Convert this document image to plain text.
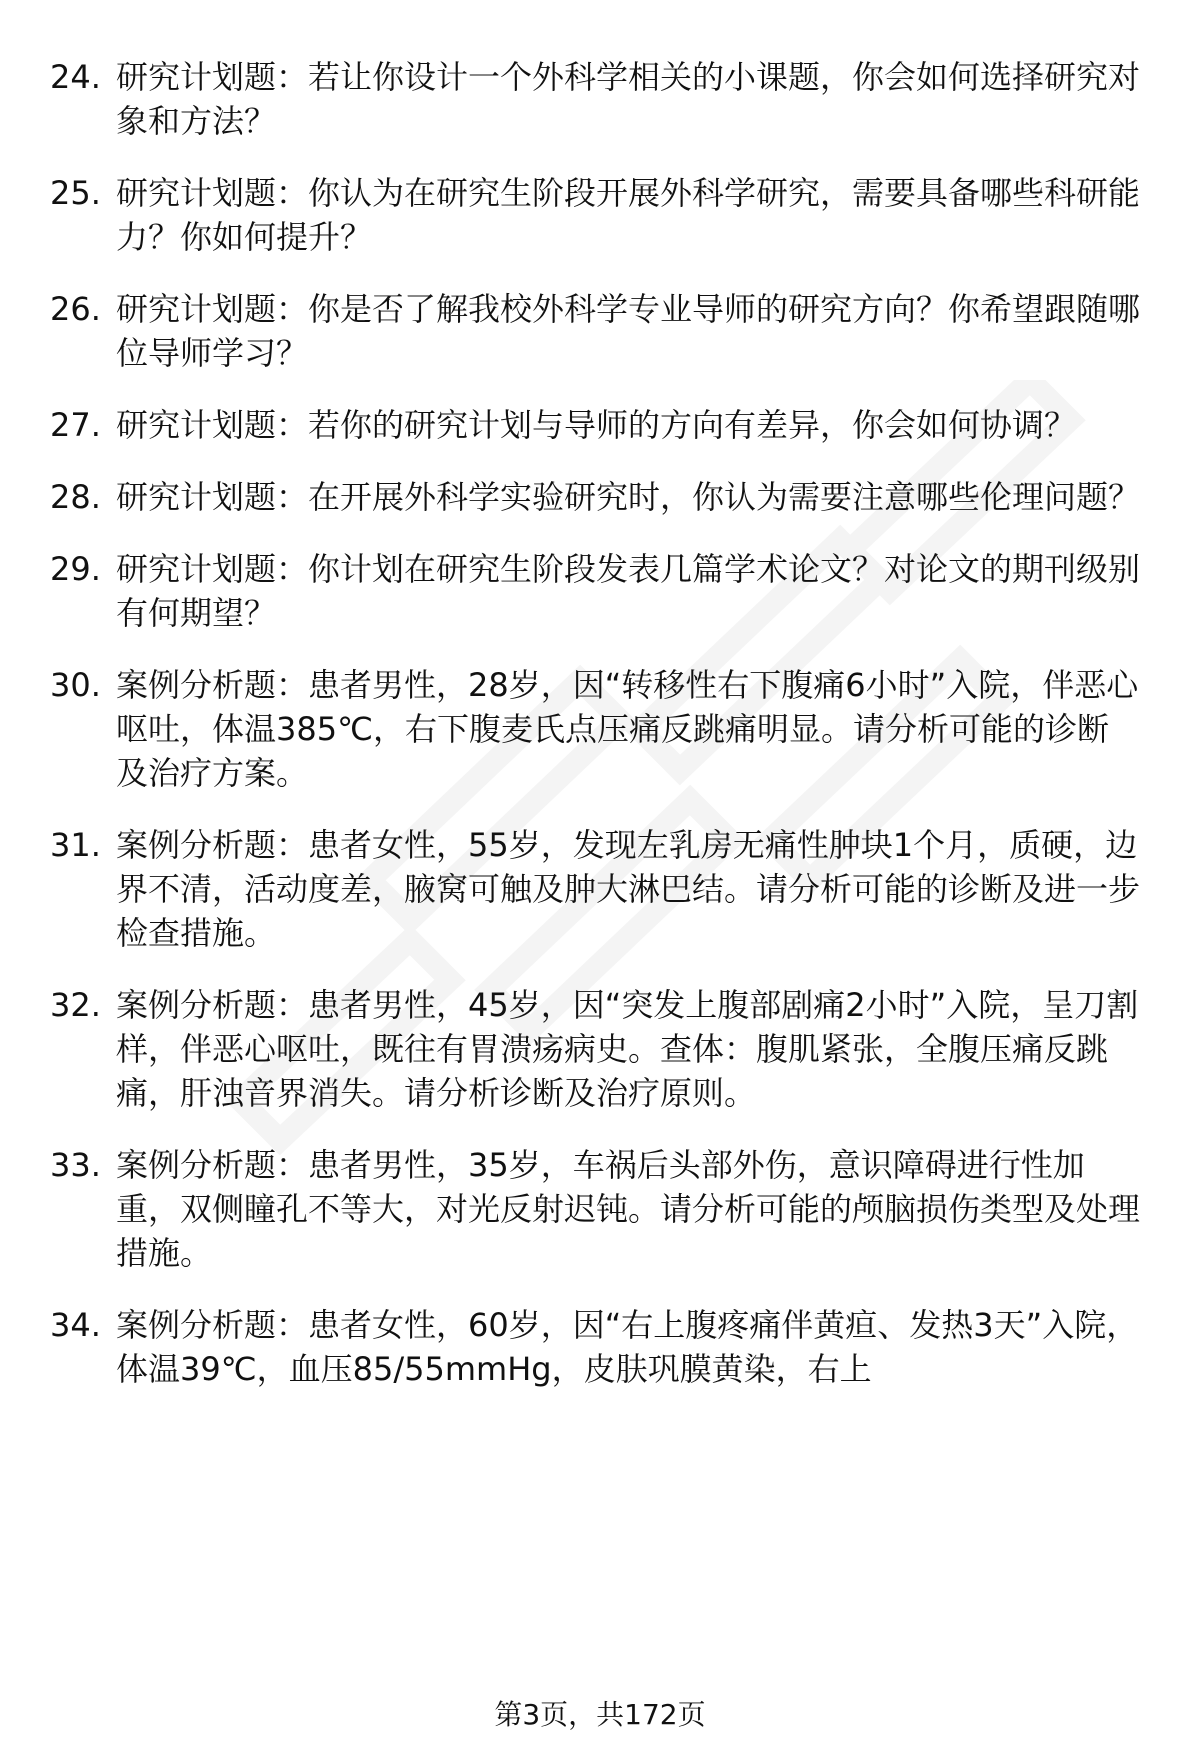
24. 研究计划题：若让你设计一个外科学相关的小课题，你会如何选择研究对象和方法？
25. 研究计划题：你认为在研究生阶段开展外科学研究，需要具备哪些科研能力？你如何提升？
26. 研究计划题：你是否了解我校外科学专业导师的研究方向？你希望跟随哪位导师学习？
27. 研究计划题：若你的研究计划与导师的方向有差异，你会如何协调？
28. 研究计划题：在开展外科学实验研究时，你认为需要注意哪些伦理问题？
29. 研究计划题：你计划在研究生阶段发表几篇学术论文？对论文的期刊级别有何期望？
30. 案例分析题：患者男性，28岁，因“转移性右下腹痛6小时”入院，伴恶心呕吐，体温385℃，右下腹麦氏点压痛反跳痛明显。请分析可能的诊断及治疗方案。
31. 案例分析题：患者女性，55岁，发现左乳房无痛性肿块1个月，质硬，边界不清，活动度差，腋窝可触及肿大淋巴结。请分析可能的诊断及进一步检查措施。
32. 案例分析题：患者男性，45岁，因“突发上腹部剧痛2小时”入院，呈刀割样，伴恶心呕吐，既往有胃溃疡病史。查体：腹肌紧张，全腹压痛反跳痛，肝浊音界消失。请分析诊断及治疗原则。
33. 案例分析题：患者男性，35岁，车祸后头部外伤，意识障碍进行性加重，双侧瞳孔不等大，对光反射迟钝。请分析可能的颅脑损伤类型及处理措施。
34. 案例分析题：患者女性，60岁，因“右上腹疼痛伴黄疸、发热3天”入院，体温39℃，血压85/55mmHg，皮肤巩膜黄染，右上
第3页，共172页
